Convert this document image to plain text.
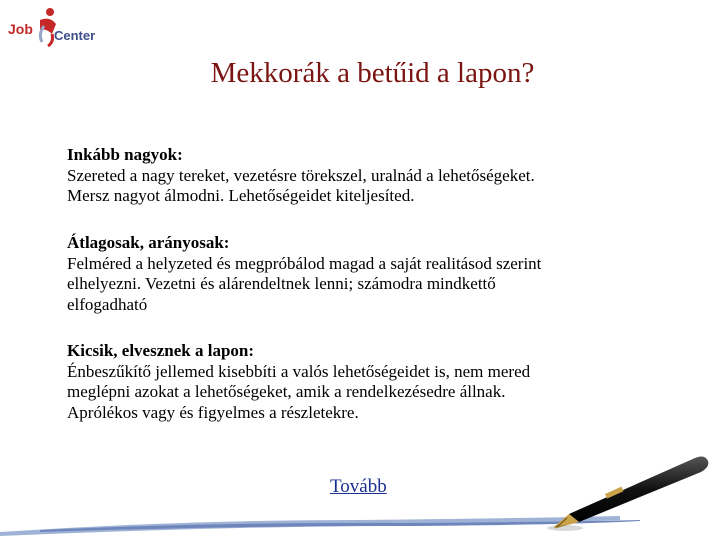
Job Center
Mekkorák a betűid a lapon?
Inkább nagyok:
Szereted a nagy tereket, vezetésre törekszel, uralnád a lehetőségeket.
Mersz nagyot álmodni. Lehetőségeidet kiteljesíted.
Átlagosak, arányosak:
Felméred a helyzeted és megpróbálod magad a saját realitásod szerint
elhelyezni. Vezetni és alárendeltnek lenni; számodra mindkettő
elfogadható
Kicsik, elvesznek a lapon:
Énbeszűkítő jellemed kisebbíti a valós lehetőségeidet is, nem mered
meglépni azokat a lehetőségeket, amik a rendelkezésedre állnak.
Aprólékos vagy és figyelmes a részletekre.
Tovább
